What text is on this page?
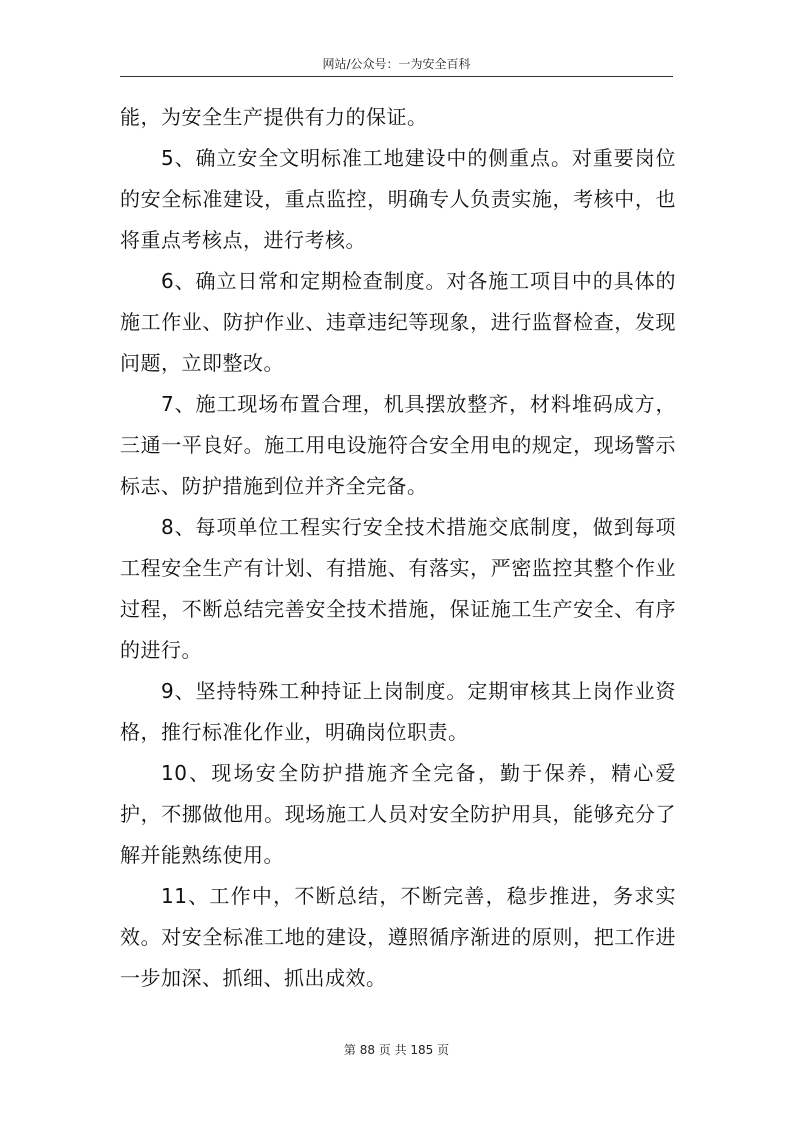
网站/公众号：一为安全百科

能，为安全生产提供有力的保证。

5、确立安全文明标准工地建设中的侧重点。对重要岗位的安全标准建设，重点监控，明确专人负责实施，考核中，也将重点考核点，进行考核。

6、确立日常和定期检查制度。对各施工项目中的具体的施工作业、防护作业、违章违纪等现象，进行监督检查，发现问题，立即整改。

7、施工现场布置合理，机具摆放整齐，材料堆码成方，三通一平良好。施工用电设施符合安全用电的规定，现场警示标志、防护措施到位并齐全完备。

8、每项单位工程实行安全技术措施交底制度，做到每项工程安全生产有计划、有措施、有落实，严密监控其整个作业过程，不断总结完善安全技术措施，保证施工生产安全、有序的进行。

9、坚持特殊工种持证上岗制度。定期审核其上岗作业资格，推行标准化作业，明确岗位职责。

10、现场安全防护措施齐全完备，勤于保养，精心爱护，不挪做他用。现场施工人员对安全防护用具，能够充分了解并能熟练使用。

11、工作中，不断总结，不断完善，稳步推进，务求实效。对安全标准工地的建设，遵照循序渐进的原则，把工作进一步加深、抓细、抓出成效。

第 88 页 共 185 页
